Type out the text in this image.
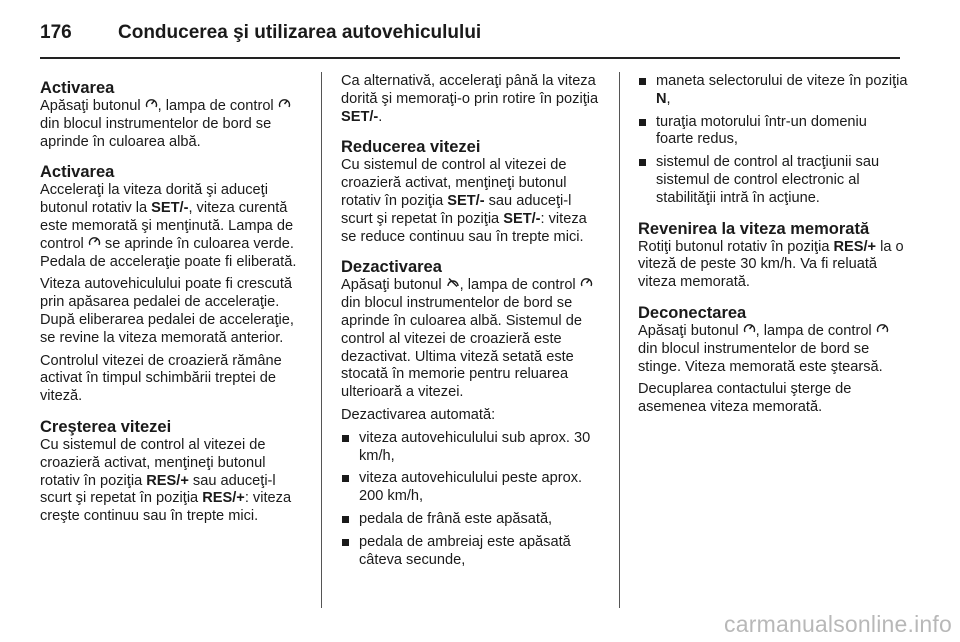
176	Conducerea şi utilizarea autovehiculului
Activarea

Apăsaţi butonul , lampa de control  din blocul instrumentelor de bord se aprinde în culoarea albă.

Activarea

Acceleraţi la viteza dorită şi aduceţi butonul rotativ la SET/-, viteza curentă este memorată şi menţinută. Lampa de control  se aprinde în culoarea verde. Pedala de acceleraţie poate fi eliberată.

Viteza autovehiculului poate fi crescută prin apăsarea pedalei de acceleraţie. După eliberarea pedalei de acceleraţie, se revine la viteza memorată anterior.

Controlul vitezei de croazieră rămâne activat în timpul schimbării treptei de viteză.

Creşterea vitezei

Cu sistemul de control al vitezei de croazieră activat, menţineţi butonul rotativ în poziţia RES/+ sau aduceţi-l scurt şi repetat în poziţia RES/+: viteza creşte continuu sau în trepte mici.

Ca alternativă, acceleraţi până la viteza dorită şi memoraţi-o prin rotire în poziţia SET/-.

Reducerea vitezei

Cu sistemul de control al vitezei de croazieră activat, menţineţi butonul rotativ în poziţia SET/- sau aduceţi-l scurt şi repetat în poziţia SET/-: viteza se reduce continuu sau în trepte mici.

Dezactivarea

Apăsaţi butonul , lampa de control  din blocul instrumentelor de bord se aprinde în culoarea albă. Sistemul de control al vitezei de croazieră este dezactivat. Ultima viteză setată este stocată în memorie pentru reluarea ulterioară a vitezei.

Dezactivarea automată:

viteza autovehiculului sub aprox. 30 km/h,
viteza autovehiculului peste aprox. 200 km/h,
pedala de frână este apăsată,
pedala de ambreiaj este apăsată câteva secunde,
maneta selectorului de viteze în poziţia N,
turaţia motorului într-un domeniu foarte redus,
sistemul de control al tracţiunii sau sistemul de control electronic al stabilităţii intră în acţiune.
Revenirea la viteza memorată

Rotiţi butonul rotativ în poziţia RES/+ la o viteză de peste 30 km/h. Va fi reluată viteza memorată.

Deconectarea

Apăsaţi butonul , lampa de control  din blocul instrumentelor de bord se stinge. Viteza memorată este ştearsă.

Decuplarea contactului şterge de asemenea viteza memorată.

carmanualsonline.info
